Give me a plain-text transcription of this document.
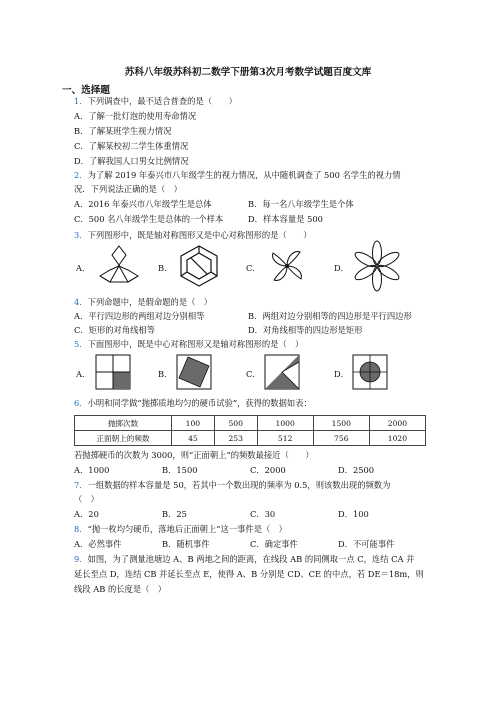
苏科八年级苏科初二数学下册第3次月考数学试题百度文库
一、选择题
1．下列调查中，最不适合普查的是（　　）
A．了解一批灯泡的使用寿命情况
B．了解某班学生视力情况
C．了解某校初二学生体重情况
D．了解我国人口男女比例情况
2．为了解 2019 年泰兴市八年级学生的视力情况，从中随机调查了 500 名学生的视力情
况．下列说法正确的是（　）
A．2016 年泰兴市八年级学生是总体	B．每一名八年级学生是个体
C．500 名八年级学生是总体的一个样本	D．样本容量是 500
3．下列图形中，既是轴对称图形又是中心对称图形的是（　　）
A．	B．	C．	D．
4．下列命题中，是假命题的是（　）
A．平行四边形的两组对边分别相等	B．两组对边分别相等的四边形是平行四边形
C．矩形的对角线相等	D．对角线相等的四边形是矩形
5．下面图形中，既是中心对称图形又是轴对称图形的是（　）
A．	B．	C．	D．
6．小明和同学做“抛掷质地均匀的硬币试验”，获得的数据如表：
抛掷次数	100	500	1000	1500	2000
正面朝上的频数	45	253	512	756	1020
若抛掷硬币的次数为 3000，则“正面朝上”的频数最接近（　　）
A．1000	B．1500	C．2000	D．2500
7．一组数据的样本容量是 50，若其中一个数出现的频率为 0.5，则该数出现的频数为
（　）
A．20	B．25	C．30	D．100
8．“抛一枚均匀硬币，落地后正面朝上”这一事件是（　）
A．必然事件	B．随机事件	C．确定事件	D．不可能事件
9．如图，为了测量池塘边 A、B 两地之间的距离，在线段 AB 的同侧取一点 C，连结 CA 并
延长至点 D，连结 CB 并延长至点 E，使得 A、B 分别是 CD、CE 的中点，若 DE＝18m，则
线段 AB 的长度是（　）
